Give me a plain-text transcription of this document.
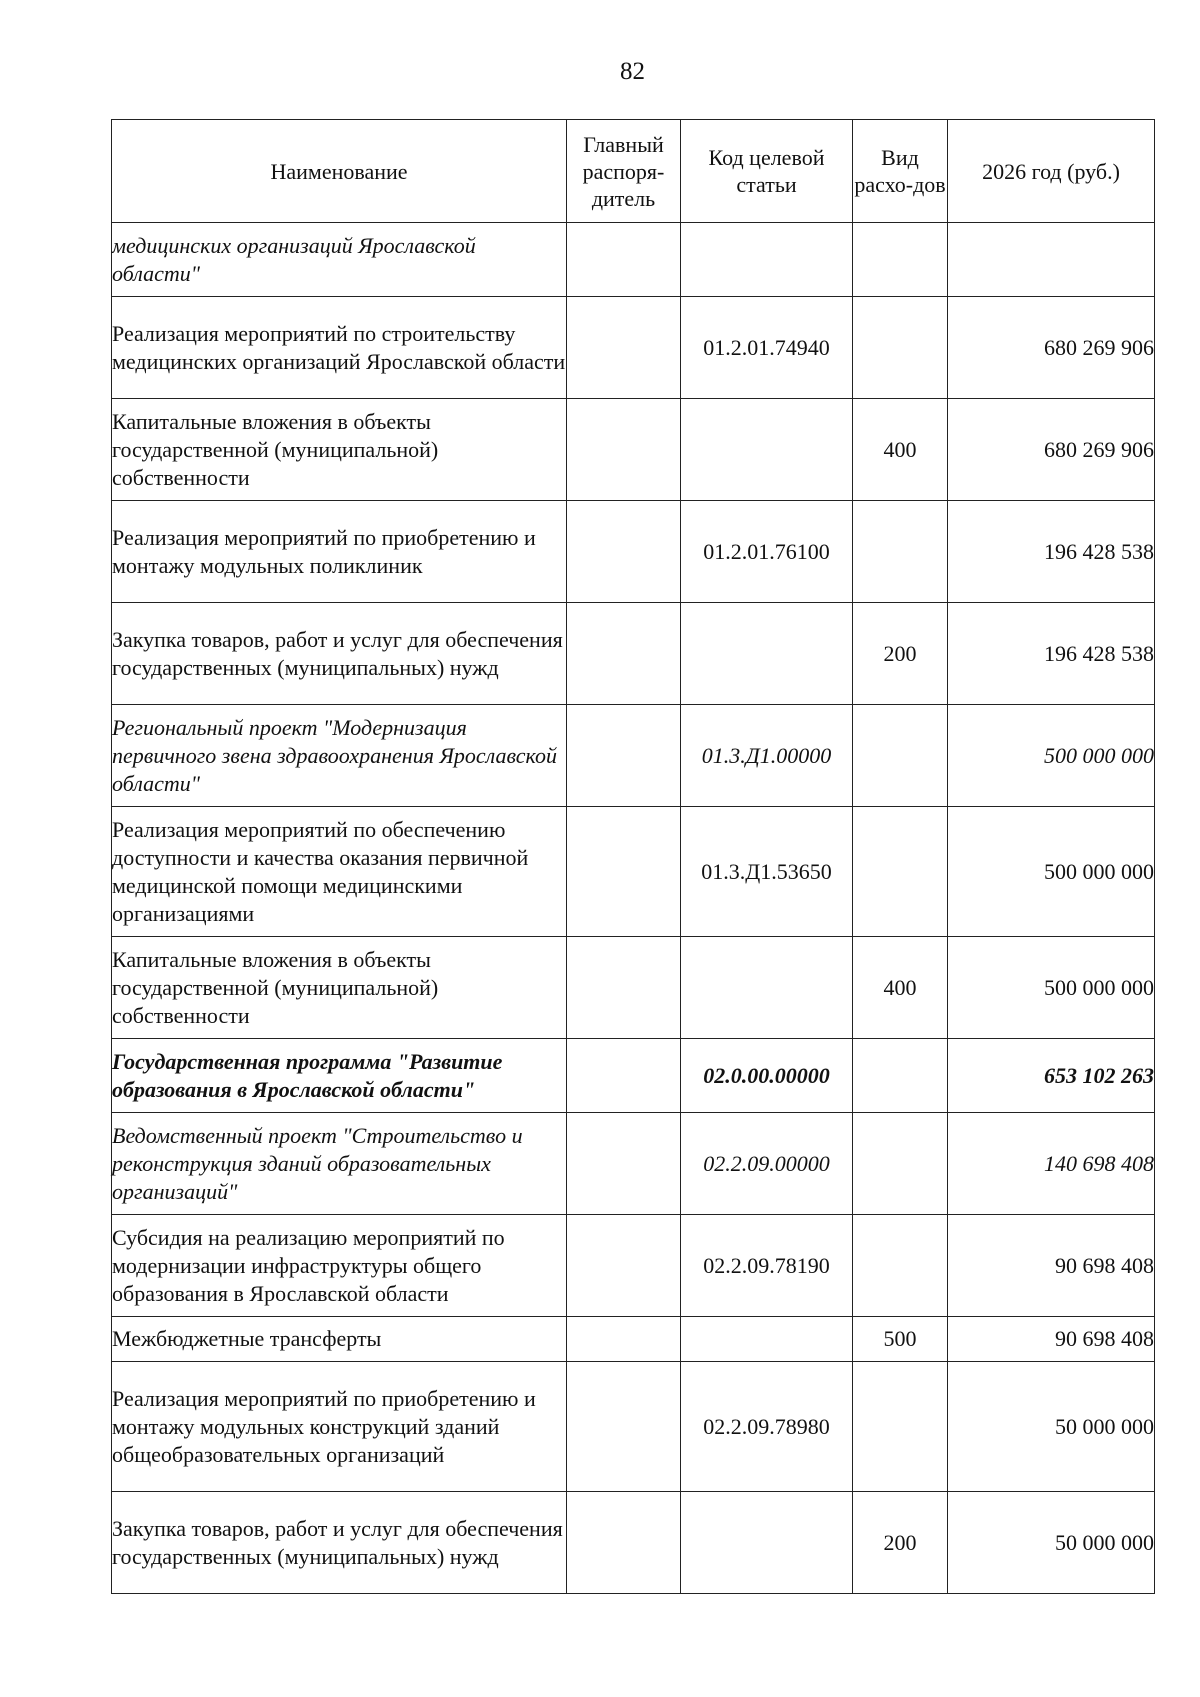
82
Наименование	Главный распоря-дитель	Код целевой статьи	Вид расхо-дов	2026 год (руб.)
медицинских организаций Ярославской области"				
Реализация мероприятий по строительству медицинских организаций Ярославской области		01.2.01.74940		680 269 906
Капитальные вложения в объекты государственной (муниципальной) собственности			400	680 269 906
Реализация мероприятий по приобретению и монтажу модульных поликлиник		01.2.01.76100		196 428 538
Закупка товаров, работ и услуг для обеспечения государственных (муниципальных) нужд			200	196 428 538
Региональный проект "Модернизация первичного звена здравоохранения Ярославской области"		01.3.Д1.00000		500 000 000
Реализация мероприятий по обеспечению доступности и качества оказания первичной медицинской помощи медицинскими организациями		01.3.Д1.53650		500 000 000
Капитальные вложения в объекты государственной (муниципальной) собственности			400	500 000 000
Государственная программа "Развитие образования в Ярославской области"		02.0.00.00000		653 102 263
Ведомственный проект "Строительство и реконструкция зданий образовательных организаций"		02.2.09.00000		140 698 408
Субсидия на реализацию мероприятий по модернизации инфраструктуры общего образования в Ярославской области		02.2.09.78190		90 698 408
Межбюджетные трансферты			500	90 698 408
Реализация мероприятий по приобретению и монтажу модульных конструкций зданий общеобразовательных организаций		02.2.09.78980		50 000 000
Закупка товаров, работ и услуг для обеспечения государственных (муниципальных) нужд			200	50 000 000
